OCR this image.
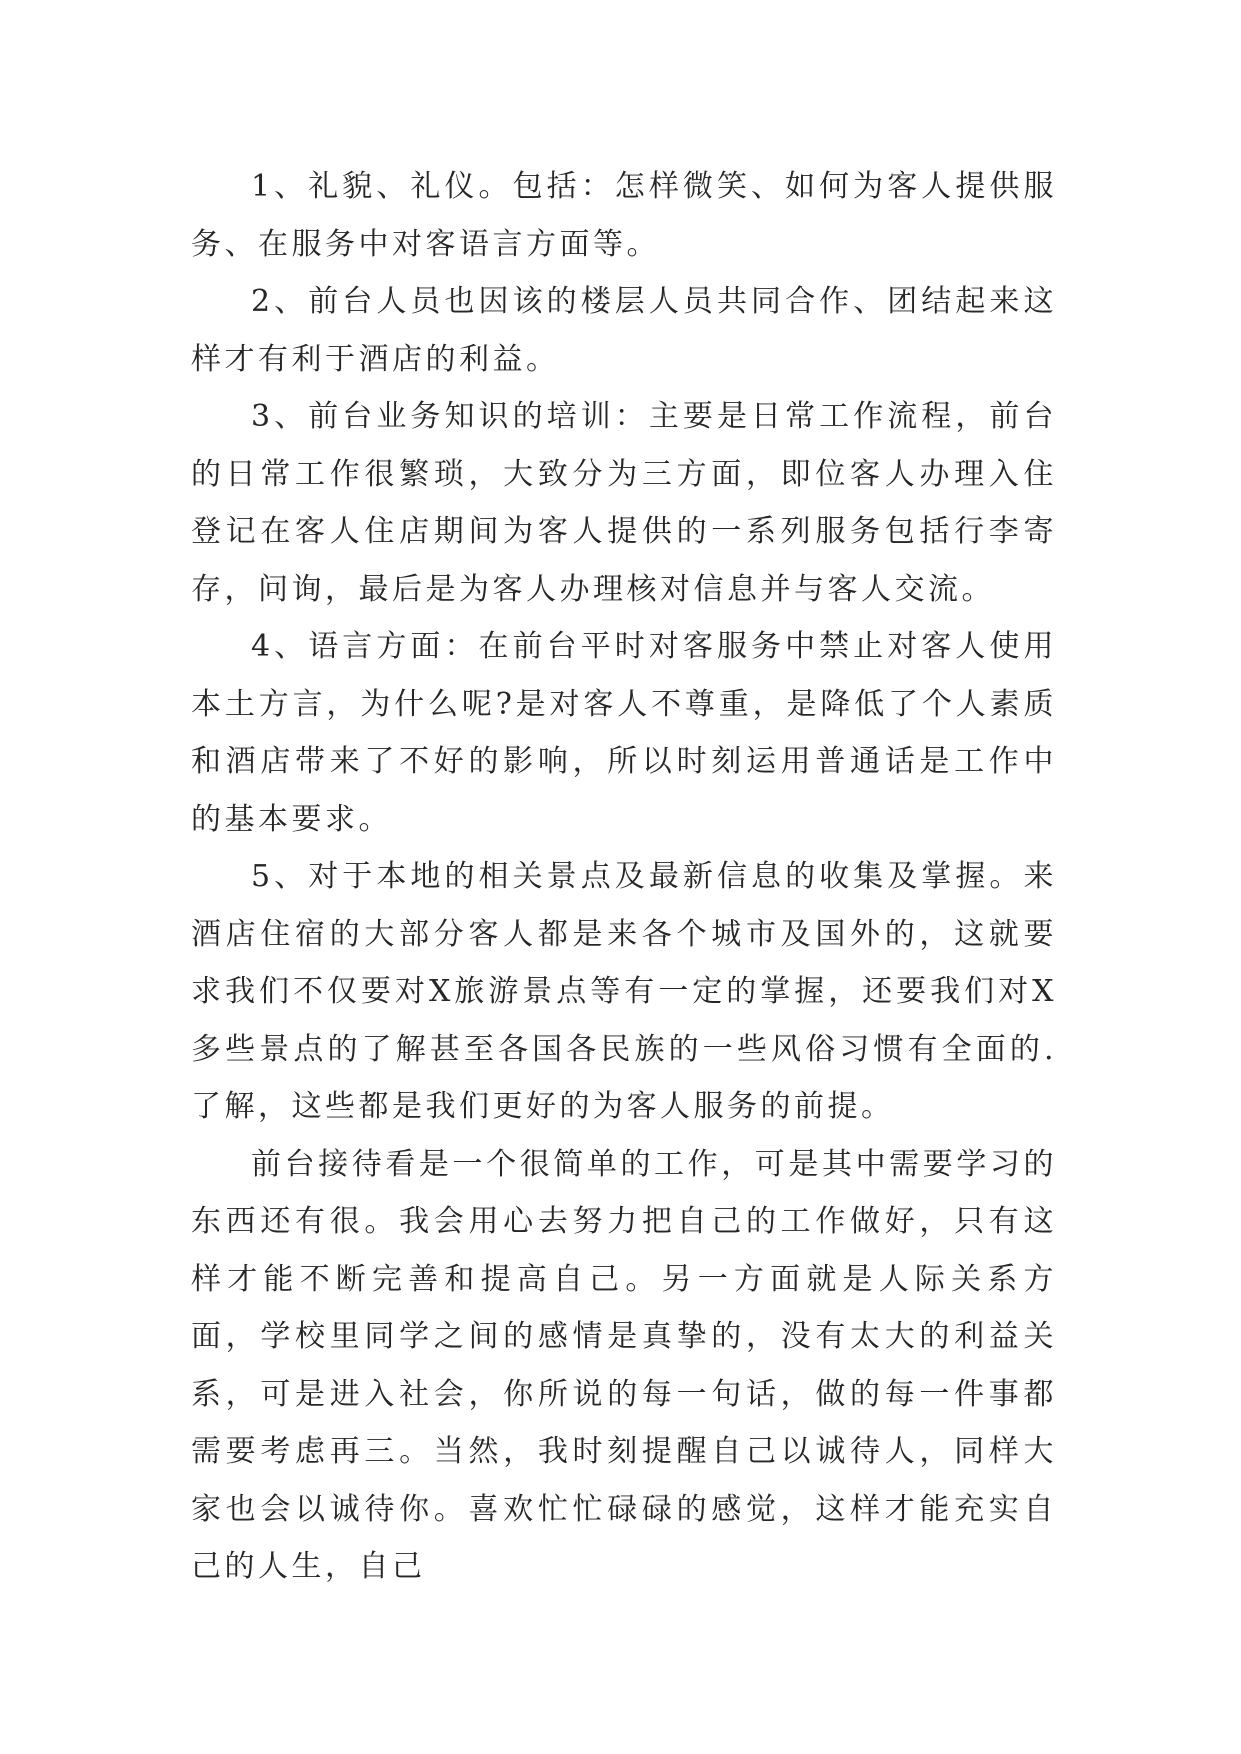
1、礼貌、礼仪。包括：怎样微笑、如何为客人提供服务、在服务中对客语言方面等。

2、前台人员也因该的楼层人员共同合作、团结起来这样才有利于酒店的利益。

3、前台业务知识的培训：主要是日常工作流程，前台的日常工作很繁琐，大致分为三方面，即位客人办理入住登记在客人住店期间为客人提供的一系列服务包括行李寄存，问询，最后是为客人办理核对信息并与客人交流。

4、语言方面：在前台平时对客服务中禁止对客人使用本土方言，为什么呢?是对客人不尊重，是降低了个人素质和酒店带来了不好的影响，所以时刻运用普通话是工作中的基本要求。

5、对于本地的相关景点及最新信息的收集及掌握。来酒店住宿的大部分客人都是来各个城市及国外的，这就要求我们不仅要对X旅游景点等有一定的掌握，还要我们对X多些景点的了解甚至各国各民族的一些风俗习惯有全面的.了解，这些都是我们更好的为客人服务的前提。

前台接待看是一个很简单的工作，可是其中需要学习的东西还有很。我会用心去努力把自己的工作做好，只有这样才能不断完善和提高自己。另一方面就是人际关系方面，学校里同学之间的感情是真挚的，没有太大的利益关系，可是进入社会，你所说的每一句话，做的每一件事都需要考虑再三。当然，我时刻提醒自己以诚待人，同样大家也会以诚待你。喜欢忙忙碌碌的感觉，这样才能充实自己的人生，自己
